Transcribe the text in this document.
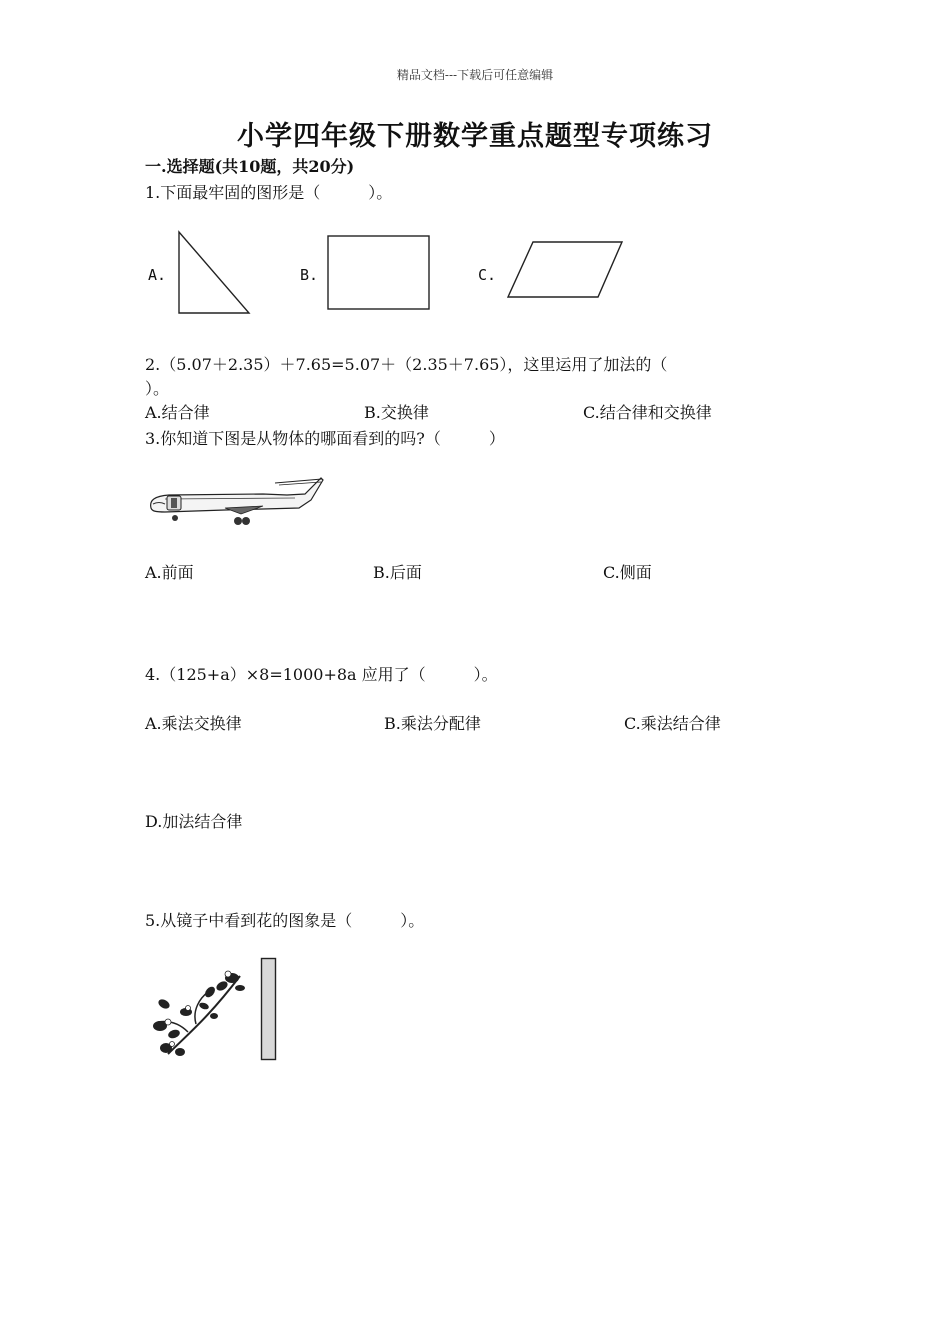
精品文档---下载后可任意编辑
小学四年级下册数学重点题型专项练习
一.选择题(共10题，共20分)
1.下面最牢固的图形是（　　　）。
A.	B.	C.
2.（5.07＋2.35）＋7.65=5.07＋（2.35＋7.65），这里运用了加法的（
）。
A.结合律	B.交换律	C.结合律和交换律
3.你知道下图是从物体的哪面看到的吗?（　　　）
A.前面	B.后面	C.侧面
4.（125+a）×8=1000+8a 应用了（　　　）。
A.乘法交换律	B.乘法分配律	C.乘法结合律
D.加法结合律
5.从镜子中看到花的图象是（　　　）。
